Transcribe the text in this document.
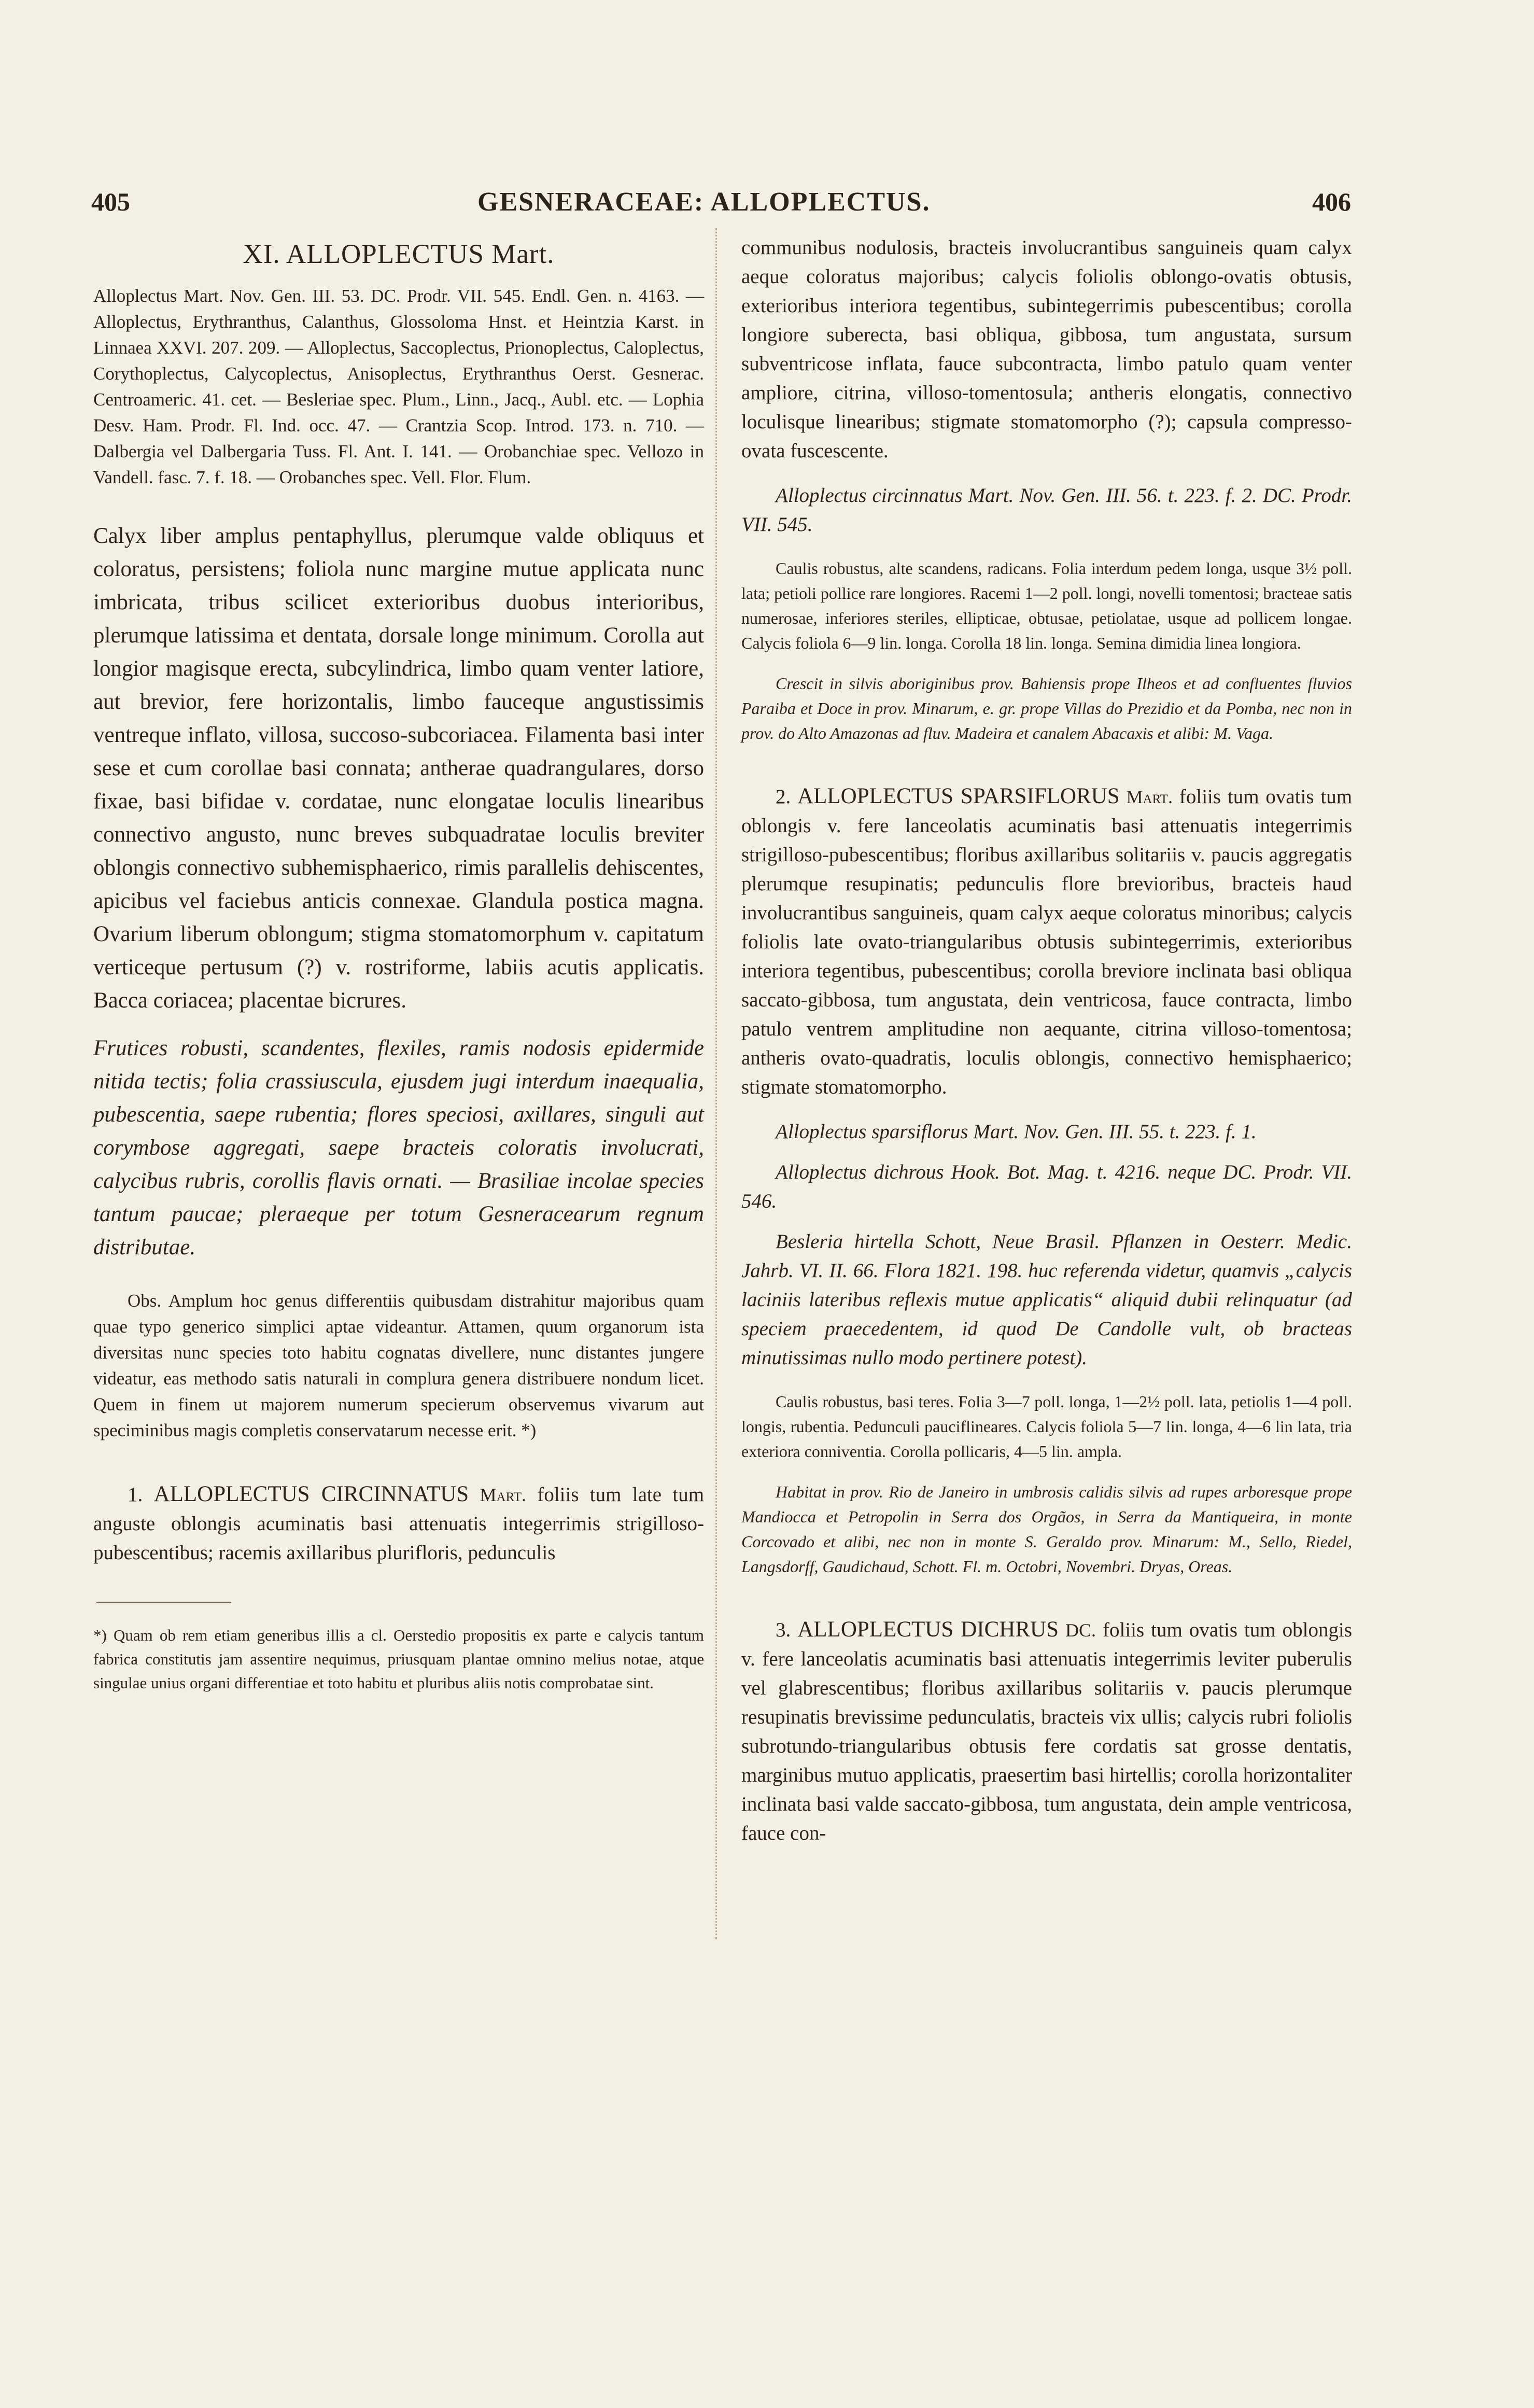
405	GESNERACEAE: ALLOPLECTUS.	406

XI. ALLOPLECTUS Mart.

Alloplectus Mart. Nov. Gen. III. 53. DC. Prodr. VII. 545. Endl. Gen. n. 4163. — Alloplectus, Erythranthus, Calanthus, Glossoloma Hnst. et Heintzia Karst. in Linnaea XXVI. 207. 209. — Alloplectus, Saccoplectus, Prionoplectus, Caloplectus, Corythoplectus, Calycoplectus, Anisoplectus, Erythranthus Oerst. Gesnerac. Centroameric. 41. cet. — Besleriae spec. Plum., Linn., Jacq., Aubl. etc. — Lophia Desv. Ham. Prodr. Fl. Ind. occ. 47. — Crantzia Scop. Introd. 173. n. 710. — Dalbergia vel Dalbergaria Tuss. Fl. Ant. I. 141. — Orobanchiae spec. Vellozo in Vandell. fasc. 7. f. 18. — Orobanches spec. Vell. Flor. Flum.

Calyx liber amplus pentaphyllus, plerumque valde obliquus et coloratus, persistens; foliola nunc margine mutue applicata nunc imbricata, tribus scilicet exterioribus duobus interioribus, plerumque latissima et dentata, dorsale longe minimum. Corolla aut longior magisque erecta, subcylindrica, limbo quam venter latiore, aut brevior, fere horizontalis, limbo fauceque angustissimis ventreque inflato, villosa, succoso-subcoriacea. Filamenta basi inter sese et cum corollae basi connata; antherae quadrangulares, dorso fixae, basi bifidae v. cordatae, nunc elongatae loculis linearibus connectivo angusto, nunc breves subquadratae loculis breviter oblongis connectivo subhemisphaerico, rimis parallelis dehiscentes, apicibus vel faciebus anticis connexae. Glandula postica magna. Ovarium liberum oblongum; stigma stomatomorphum v. capitatum verticeque pertusum (?) v. rostriforme, labiis acutis applicatis. Bacca coriacea; placentae bicrures.

Frutices robusti, scandentes, flexiles, ramis nodosis epidermide nitida tectis; folia crassiuscula, ejusdem jugi interdum inaequalia, pubescentia, saepe rubentia; flores speciosi, axillares, singuli aut corymbose aggregati, saepe bracteis coloratis involucrati, calycibus rubris, corollis flavis ornati. — Brasiliae incolae species tantum paucae; pleraeque per totum Gesneracearum regnum distributae.

Obs. Amplum hoc genus differentiis quibusdam distrahitur majoribus quam quae typo generico simplici aptae videantur. Attamen, quum organorum ista diversitas nunc species toto habitu cognatas divellere, nunc distantes jungere videatur, eas methodo satis naturali in complura genera distribuere nondum licet. Quem in finem ut majorem numerum specierum observemus vivarum aut speciminibus magis completis conservatarum necesse erit. *)

1. ALLOPLECTUS CIRCINNATUS Mart. foliis tum late tum anguste oblongis acuminatis basi attenuatis integerrimis strigilloso-pubescentibus; racemis axillaribus plurifloris, pedunculis

*) Quam ob rem etiam generibus illis a cl. Oerstedio propositis ex parte e calycis tantum fabrica constitutis jam assentire nequimus, priusquam plantae omnino melius notae, atque singulae unius organi differentiae et toto habitu et pluribus aliis notis comprobatae sint.

communibus nodulosis, bracteis involucrantibus sanguineis quam calyx aeque coloratus majoribus; calycis foliolis oblongo-ovatis obtusis, exterioribus interiora tegentibus, subintegerrimis pubescentibus; corolla longiore suberecta, basi obliqua, gibbosa, tum angustata, sursum subventricose inflata, fauce subcontracta, limbo patulo quam venter ampliore, citrina, villoso-tomentosula; antheris elongatis, connectivo loculisque linearibus; stigmate stomatomorpho (?); capsula compresso-ovata fuscescente.

Alloplectus circinnatus Mart. Nov. Gen. III. 56. t. 223. f. 2. DC. Prodr. VII. 545.

Caulis robustus, alte scandens, radicans. Folia interdum pedem longa, usque 3½ poll. lata; petioli pollice rare longiores. Racemi 1—2 poll. longi, novelli tomentosi; bracteae satis numerosae, inferiores steriles, ellipticae, obtusae, petiolatae, usque ad pollicem longae. Calycis foliola 6—9 lin. longa. Corolla 18 lin. longa. Semina dimidia linea longiora.

Crescit in silvis aboriginibus prov. Bahiensis prope Ilheos et ad confluentes fluvios Paraiba et Doce in prov. Minarum, e. gr. prope Villas do Prezidio et da Pomba, nec non in prov. do Alto Amazonas ad fluv. Madeira et canalem Abacaxis et alibi: M. Vaga.

2. ALLOPLECTUS SPARSIFLORUS Mart. foliis tum ovatis tum oblongis v. fere lanceolatis acuminatis basi attenuatis integerrimis strigilloso-pubescentibus; floribus axillaribus solitariis v. paucis aggregatis plerumque resupinatis; pedunculis flore brevioribus, bracteis haud involucrantibus sanguineis, quam calyx aeque coloratus minoribus; calycis foliolis late ovato-triangularibus obtusis subintegerrimis, exterioribus interiora tegentibus, pubescentibus; corolla breviore inclinata basi obliqua saccato-gibbosa, tum angustata, dein ventricosa, fauce contracta, limbo patulo ventrem amplitudine non aequante, citrina villoso-tomentosa; antheris ovato-quadratis, loculis oblongis, connectivo hemisphaerico; stigmate stomatomorpho.

Alloplectus sparsiflorus Mart. Nov. Gen. III. 55. t. 223. f. 1.

Alloplectus dichrous Hook. Bot. Mag. t. 4216. neque DC. Prodr. VII. 546.

Besleria hirtella Schott, Neue Brasil. Pflanzen in Oesterr. Medic. Jahrb. VI. II. 66. Flora 1821. 198. huc referenda videtur, quamvis „calycis laciniis lateribus reflexis mutue applicatis“ aliquid dubii relinquatur (ad speciem praecedentem, id quod De Candolle vult, ob bracteas minutissimas nullo modo pertinere potest).

Caulis robustus, basi teres. Folia 3—7 poll. longa, 1—2½ poll. lata, petiolis 1—4 poll. longis, rubentia. Pedunculi pauciflineares. Calycis foliola 5—7 lin. longa, 4—6 lin lata, tria exteriora conniventia. Corolla pollicaris, 4—5 lin. ampla.

Habitat in prov. Rio de Janeiro in umbrosis calidis silvis ad rupes arboresque prope Mandiocca et Petropolin in Serra dos Orgãos, in Serra da Mantiqueira, in monte Corcovado et alibi, nec non in monte S. Geraldo prov. Minarum: M., Sello, Riedel, Langsdorff, Gaudichaud, Schott. Fl. m. Octobri, Novembri. Dryas, Oreas.

3. ALLOPLECTUS DICHRUS DC. foliis tum ovatis tum oblongis v. fere lanceolatis acuminatis basi attenuatis integerrimis leviter puberulis vel glabrescentibus; floribus axillaribus solitariis v. paucis plerumque resupinatis brevissime pedunculatis, bracteis vix ullis; calycis rubri foliolis subrotundo-triangularibus obtusis fere cordatis sat grosse dentatis, marginibus mutuo applicatis, praesertim basi hirtellis; corolla horizontaliter inclinata basi valde saccato-gibbosa, tum angustata, dein ample ventricosa, fauce con-
